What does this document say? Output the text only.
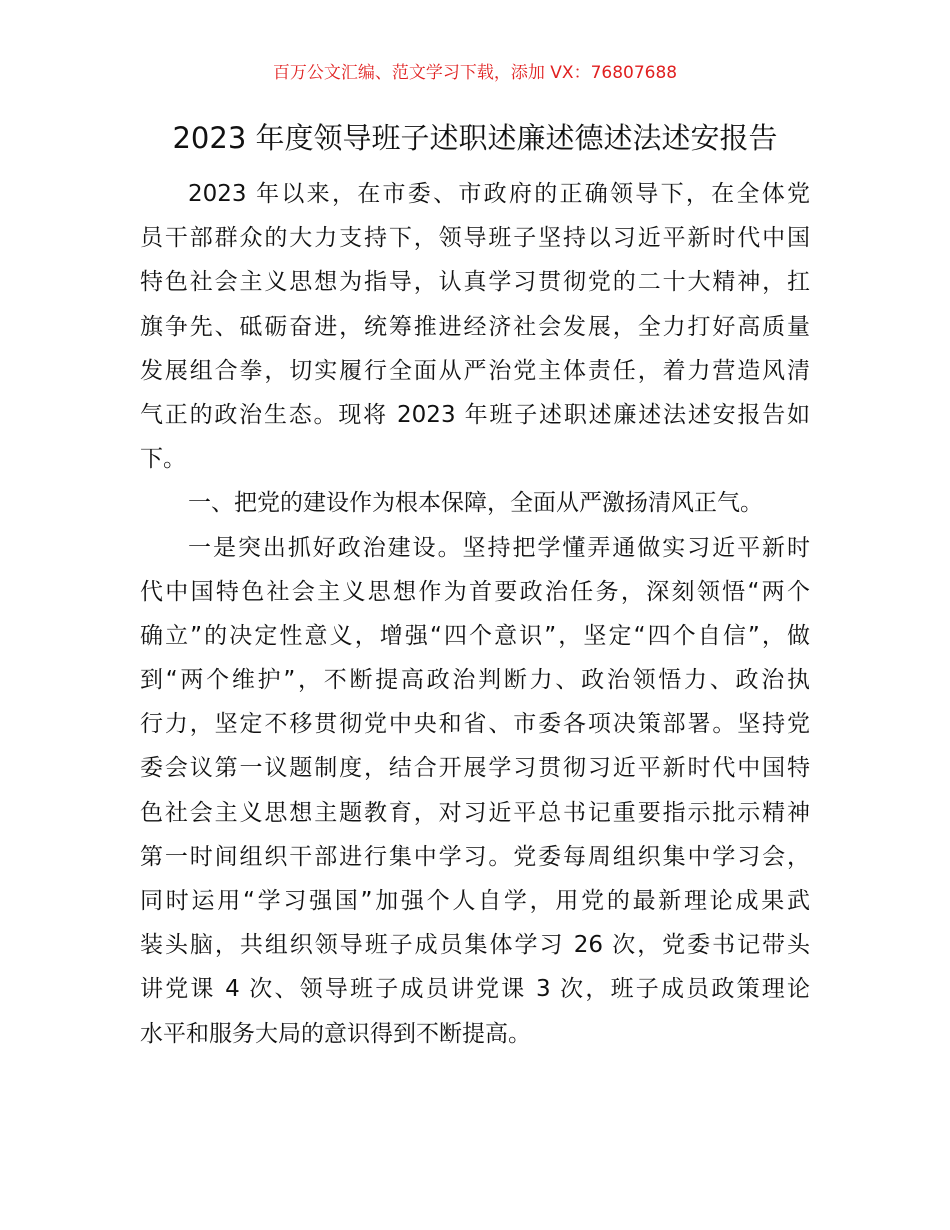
百万公文汇编、范文学习下载，添加 VX：76807688
2023 年度领导班子述职述廉述德述法述安报告
2023 年以来，在市委、市政府的正确领导下，在全体党
员干部群众的大力支持下，领导班子坚持以习近平新时代中国
特色社会主义思想为指导，认真学习贯彻党的二十大精神，扛
旗争先、砥砺奋进，统筹推进经济社会发展，全力打好高质量
发展组合拳，切实履行全面从严治党主体责任，着力营造风清
气正的政治生态。现将 2023 年班子述职述廉述法述安报告如
下。
一、把党的建设作为根本保障，全面从严激扬清风正气。
一是突出抓好政治建设。坚持把学懂弄通做实习近平新时
代中国特色社会主义思想作为首要政治任务，深刻领悟“两个
确立”的决定性意义，增强“四个意识”，坚定“四个自信”，做
到“两个维护”，不断提高政治判断力、政治领悟力、政治执
行力，坚定不移贯彻党中央和省、市委各项决策部署。坚持党
委会议第一议题制度，结合开展学习贯彻习近平新时代中国特
色社会主义思想主题教育，对习近平总书记重要指示批示精神
第一时间组织干部进行集中学习。党委每周组织集中学习会，
同时运用“学习强国”加强个人自学，用党的最新理论成果武
装头脑，共组织领导班子成员集体学习 26 次，党委书记带头
讲党课 4 次、领导班子成员讲党课 3 次，班子成员政策理论
水平和服务大局的意识得到不断提高。
